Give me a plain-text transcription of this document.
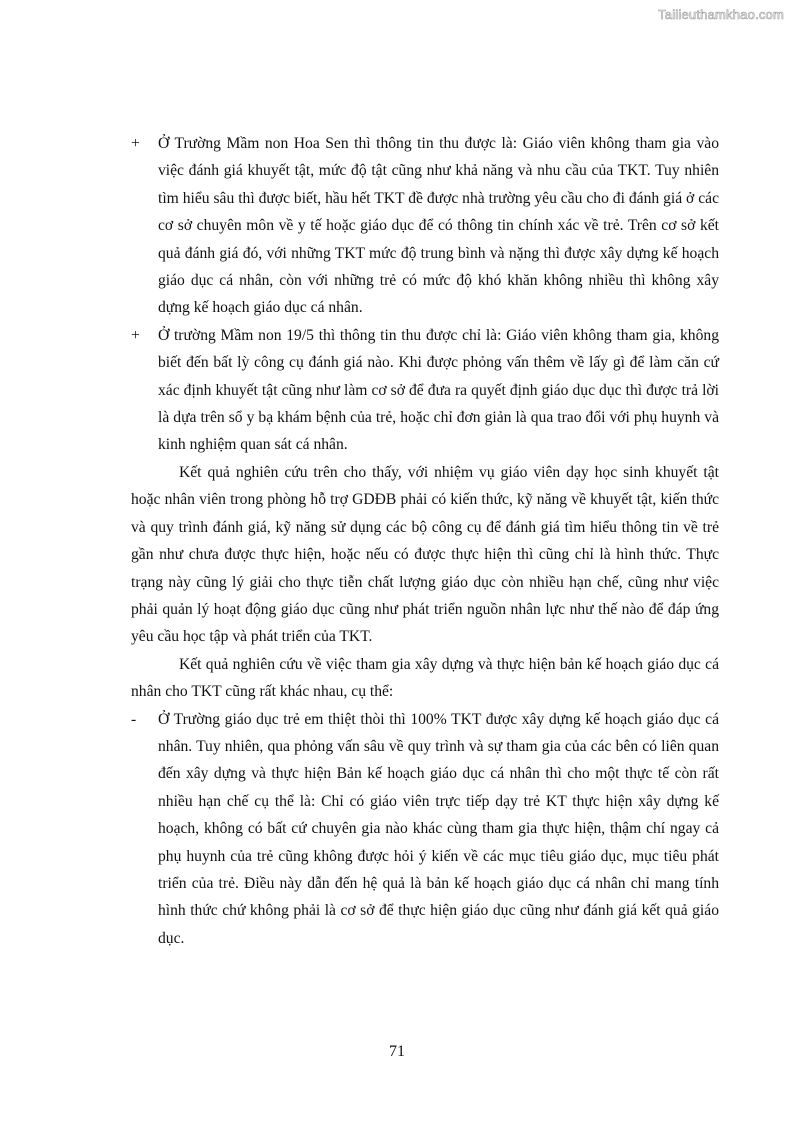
Tailieuthamkhao.com
+	Ở Trường Mầm non Hoa Sen thì thông tin thu được là: Giáo viên không tham gia vào việc đánh giá khuyết tật, mức độ tật cũng như khả năng và nhu cầu của TKT. Tuy nhiên tìm hiểu sâu thì được biết, hầu hết TKT đề được nhà trường yêu cầu cho đi đánh giá ở các cơ sở chuyên môn về y tế hoặc giáo dục để có thông tin chính xác về trẻ. Trên cơ sở kết quả đánh giá đó, với những TKT mức độ trung bình và nặng thì được xây dựng kế hoạch giáo dục cá nhân, còn với những trẻ có mức độ khó khăn không nhiều thì không xây dựng kế hoạch giáo dục cá nhân.
+	Ở trường Mầm non 19/5 thì thông tin thu được chỉ là: Giáo viên không tham gia, không biết đến bất lỳ công cụ đánh giá nào. Khi được phỏng vấn thêm về lấy gì để làm căn cứ xác định khuyết tật cũng như làm cơ sở để đưa ra quyết định giáo dục dục thì được trả lời là dựa trên sổ y bạ khám bệnh của trẻ, hoặc chỉ đơn giản là qua trao đổi với phụ huynh và kinh nghiệm quan sát cá nhân.

Kết quả nghiên cứu trên cho thấy, với nhiệm vụ giáo viên dạy học sinh khuyết tật hoặc nhân viên trong phòng hỗ trợ GDĐB phải có kiến thức, kỹ năng về khuyết tật, kiến thức và quy trình đánh giá, kỹ năng sử dụng các bộ công cụ để đánh giá tìm hiểu thông tin về trẻ gần như chưa được thực hiện, hoặc nếu có được thực hiện thì cũng chỉ là hình thức. Thực trạng này cũng lý giải cho thực tiễn chất lượng giáo dục còn nhiều hạn chế, cũng như việc phải quản lý hoạt động giáo dục cũng như phát triển nguồn nhân lực như thế nào để đáp ứng yêu cầu học tập và phát triển của TKT.

Kết quả nghiên cứu về việc tham gia xây dựng và thực hiện bản kế hoạch giáo dục cá nhân cho TKT cũng rất khác nhau, cụ thể:

-	Ở Trường giáo dục trẻ em thiệt thòi thì 100% TKT được xây dựng kế hoạch giáo dục cá nhân. Tuy nhiên, qua phỏng vấn sâu về quy trình và sự tham gia của các bên có liên quan đến xây dựng và thực hiện Bản kế hoạch giáo dục cá nhân thì cho một thực tế còn rất nhiều hạn chế cụ thể là: Chỉ có giáo viên trực tiếp dạy trẻ KT thực hiện xây dựng kế hoạch, không có bất cứ chuyên gia nào khác cùng tham gia thực hiện, thậm chí ngay cả phụ huynh của trẻ cũng không được hỏi ý kiến về các mục tiêu giáo dục, mục tiêu phát triển của trẻ. Điều này dẫn đến hệ quả là bản kế hoạch giáo dục cá nhân chỉ mang tính hình thức chứ không phải là cơ sở để thực hiện giáo dục cũng như đánh giá kết quả giáo dục.
71
